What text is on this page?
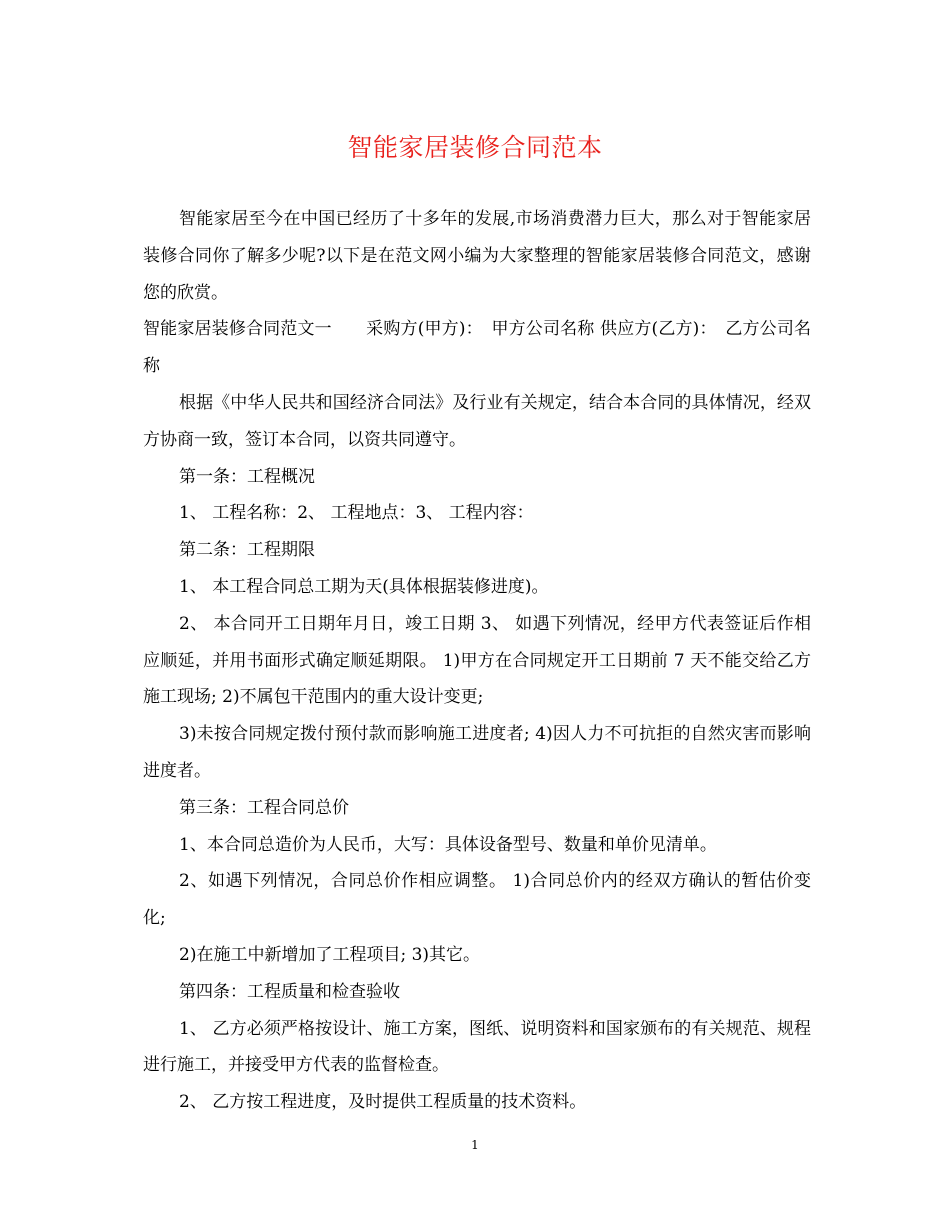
智能家居装修合同范本

智能家居至今在中国已经历了十多年的发展,市场消费潜力巨大，那么对于智能家居装修合同你了解多少呢?以下是在范文网小编为大家整理的智能家居装修合同范文，感谢您的欣赏。

智能家居装修合同范文一　　采购方(甲方)：　甲方公司名称 供应方(乙方)：　乙方公司名称

根据《中华人民共和国经济合同法》及行业有关规定，结合本合同的具体情况，经双方协商一致，签订本合同，以资共同遵守。

第一条：工程概况

1、 工程名称：2、 工程地点：3、 工程内容：

第二条：工程期限

1、 本工程合同总工期为天(具体根据装修进度)。

2、 本合同开工日期年月日，竣工日期 3、 如遇下列情况，经甲方代表签证后作相应顺延，并用书面形式确定顺延期限。 1)甲方在合同规定开工日期前 7 天不能交给乙方施工现场; 2)不属包干范围内的重大设计变更;

3)未按合同规定拨付预付款而影响施工进度者; 4)因人力不可抗拒的自然灾害而影响进度者。

第三条：工程合同总价

1、本合同总造价为人民币，大写：具体设备型号、数量和单价见清单。

2、如遇下列情况，合同总价作相应调整。 1)合同总价内的经双方确认的暂估价变化;

2)在施工中新增加了工程项目; 3)其它。

第四条：工程质量和检查验收

1、 乙方必须严格按设计、施工方案，图纸、说明资料和国家颁布的有关规范、规程进行施工，并接受甲方代表的监督检查。

2、 乙方按工程进度，及时提供工程质量的技术资料。

1
